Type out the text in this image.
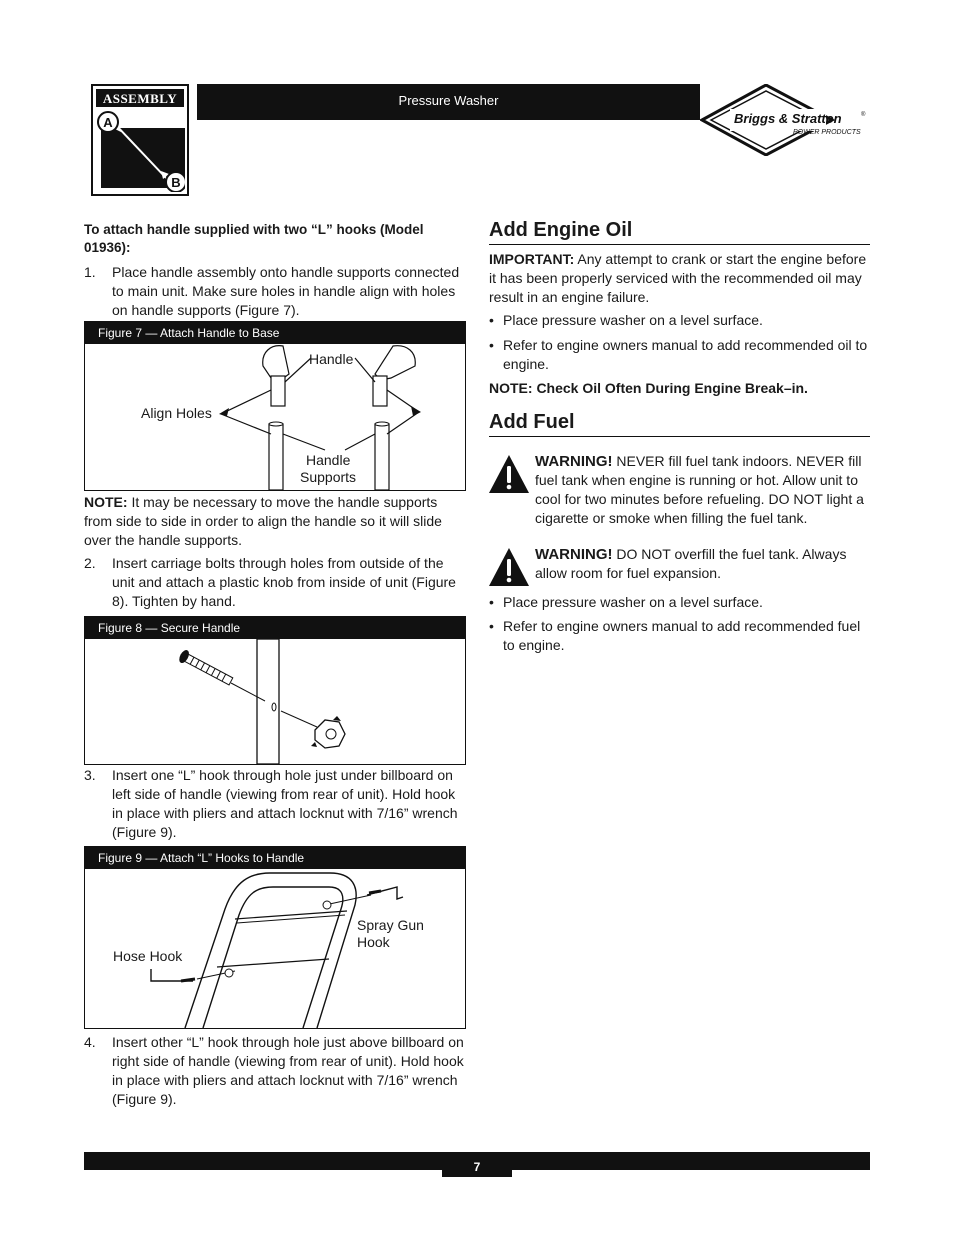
ASSEMBLY
A
B
Pressure Washer
Briggs & Stratton	®
POWER PRODUCTS
To attach handle supplied with two “L” hooks (Model 01936):
1.	Place handle assembly onto handle supports connected to main unit. Make sure holes in handle align with holes on handle supports (Figure 7).
Figure 7 — Attach Handle to Base
Handle
Align Holes
Handle
Supports
NOTE: It may be necessary to move the handle supports from side to side in order to align the handle so it will slide over the handle supports.
2.	Insert carriage bolts through holes from outside of the unit and attach a plastic knob from inside of unit (Figure 8). Tighten by hand.
Figure 8 — Secure Handle
3.	Insert one “L” hook through hole just under billboard on left side of handle (viewing from rear of unit). Hold hook in place with pliers and attach locknut with 7/16” wrench (Figure 9).
Figure 9 — Attach “L” Hooks to Handle
Spray Gun
Hook
Hose Hook
4.	Insert other “L” hook through hole just above billboard on right side of handle (viewing from rear of unit). Hold hook in place with pliers and attach locknut with 7/16” wrench (Figure 9).
Add Engine Oil
IMPORTANT: Any attempt to crank or start the engine before it has been properly serviced with the recommended oil may result in an engine failure.
• Place pressure washer on a level surface.
• Refer to engine owners manual to add recommended oil to engine.
NOTE: Check Oil Often During Engine Break–in.
Add Fuel
WARNING! NEVER fill fuel tank indoors. NEVER fill fuel tank when engine is running or hot. Allow unit to cool for two minutes before refueling. DO NOT light a cigarette or smoke when filling the fuel tank.
WARNING! DO NOT overfill the fuel tank. Always allow room for fuel expansion.
• Place pressure washer on a level surface.
• Refer to engine owners manual to add recommended fuel to engine.
7
